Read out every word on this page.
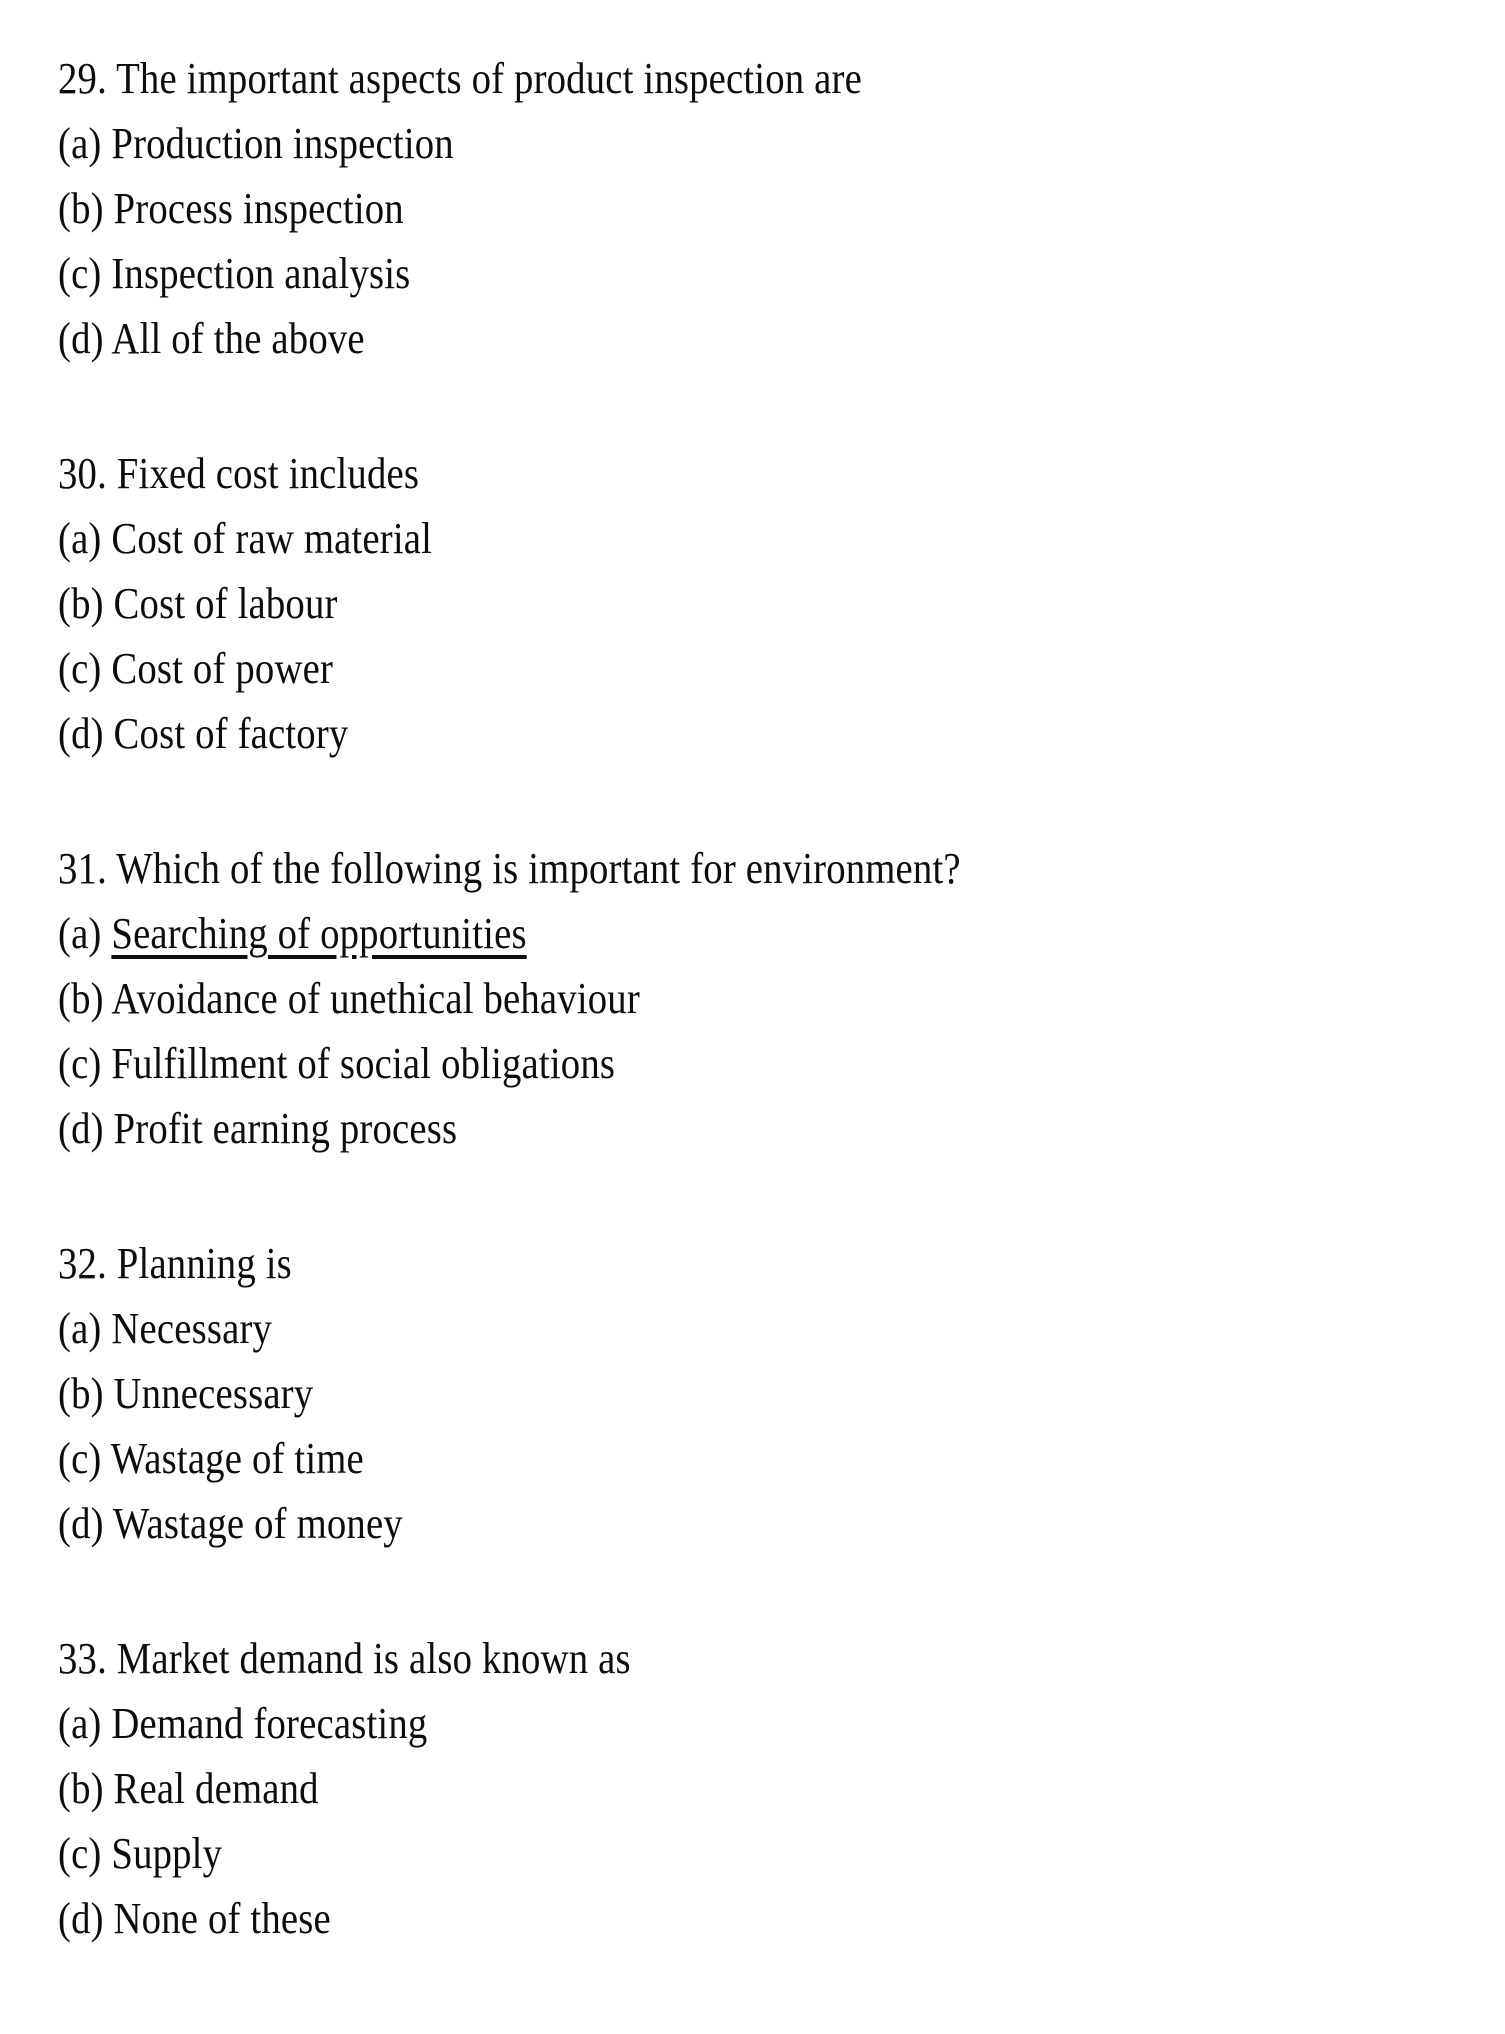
29. The important aspects of product inspection are
(a) Production inspection
(b) Process inspection
(c) Inspection analysis
(d) All of the above
30. Fixed cost includes
(a) Cost of raw material
(b) Cost of labour
(c) Cost of power
(d) Cost of factory
31. Which of the following is important for environment?
(a) Searching of opportunities
(b) Avoidance of unethical behaviour
(c) Fulfillment of social obligations
(d) Profit earning process
32. Planning is
(a) Necessary
(b) Unnecessary
(c) Wastage of time
(d) Wastage of money
33. Market demand is also known as
(a) Demand forecasting
(b) Real demand
(c) Supply
(d) None of these
